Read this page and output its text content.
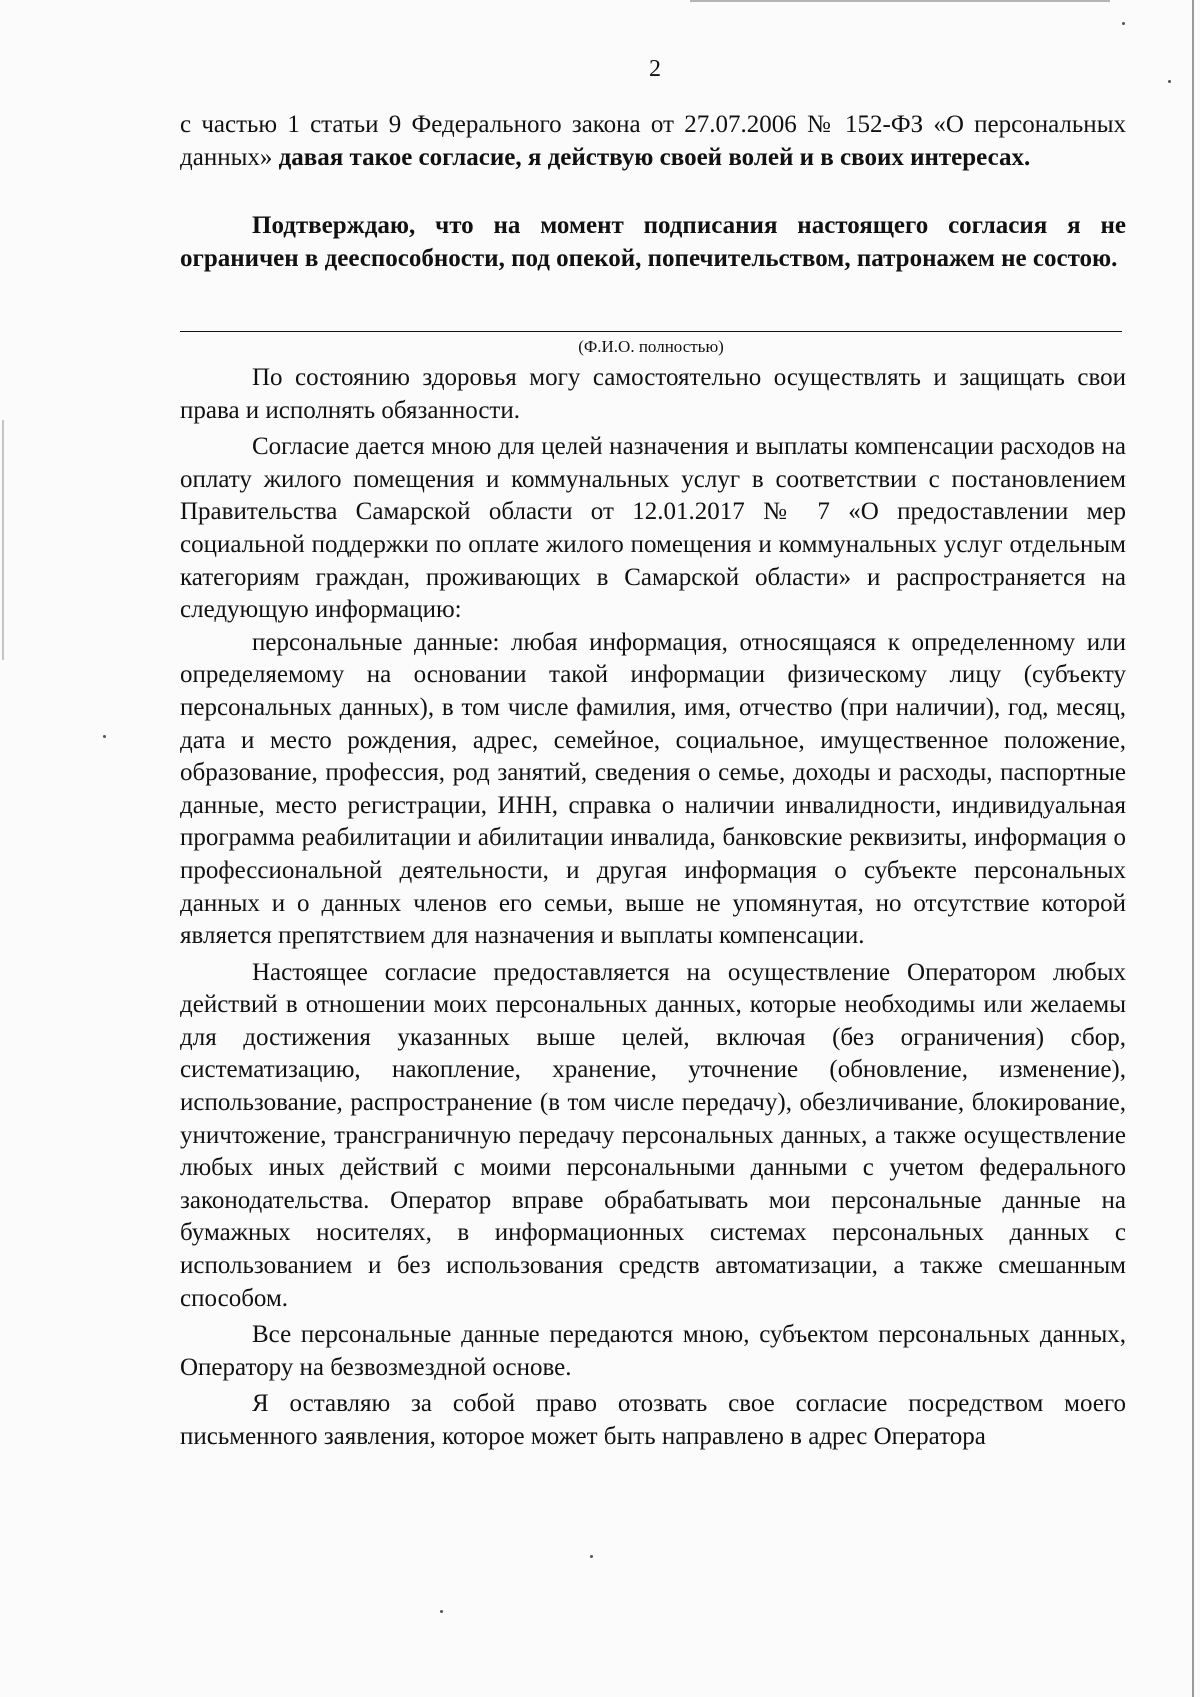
2

с частью 1 статьи 9 Федерального закона от 27.07.2006 № 152-ФЗ «О персональных данных» давая такое согласие, я действую своей волей и в своих интересах.

Подтверждаю, что на момент подписания настоящего согласия я не ограничен в дееспособности, под опекой, попечительством, патронажем не состою.

(Ф.И.О. полностью)

По состоянию здоровья могу самостоятельно осуществлять и защищать свои права и исполнять обязанности.

Согласие дается мною для целей назначения и выплаты компенсации расходов на оплату жилого помещения и коммунальных услуг в соответствии с постановлением Правительства Самарской области от 12.01.2017 № 7 «О предоставлении мер социальной поддержки по оплате жилого помещения и коммунальных услуг отдельным категориям граждан, проживающих в Самарской области» и распространяется на следующую информацию:

персональные данные: любая информация, относящаяся к определенному или определяемому на основании такой информации физическому лицу (субъекту персональных данных), в том числе фамилия, имя, отчество (при наличии), год, месяц, дата и место рождения, адрес, семейное, социальное, имущественное положение, образование, профессия, род занятий, сведения о семье, доходы и расходы, паспортные данные, место регистрации, ИНН, справка о наличии инвалидности, индивидуальная программа реабилитации и абилитации инвалида, банковские реквизиты, информация о профессиональной деятельности, и другая информация о субъекте персональных данных и о данных членов его семьи, выше не упомянутая, но отсутствие которой является препятствием для назначения и выплаты компенсации.

Настоящее согласие предоставляется на осуществление Оператором любых действий в отношении моих персональных данных, которые необходимы или желаемы для достижения указанных выше целей, включая (без ограничения) сбор, систематизацию, накопление, хранение, уточнение (обновление, изменение), использование, распространение (в том числе передачу), обезличивание, блокирование, уничтожение, трансграничную передачу персональных данных, а также осуществление любых иных действий с моими персональными данными с учетом федерального законодательства. Оператор вправе обрабатывать мои персональные данные на бумажных носителях, в информационных системах персональных данных с использованием и без использования средств автоматизации, а также смешанным способом.

Все персональные данные передаются мною, субъектом персональных данных, Оператору на безвозмездной основе.

Я оставляю за собой право отозвать свое согласие посредством моего письменного заявления, которое может быть направлено в адрес Оператора
